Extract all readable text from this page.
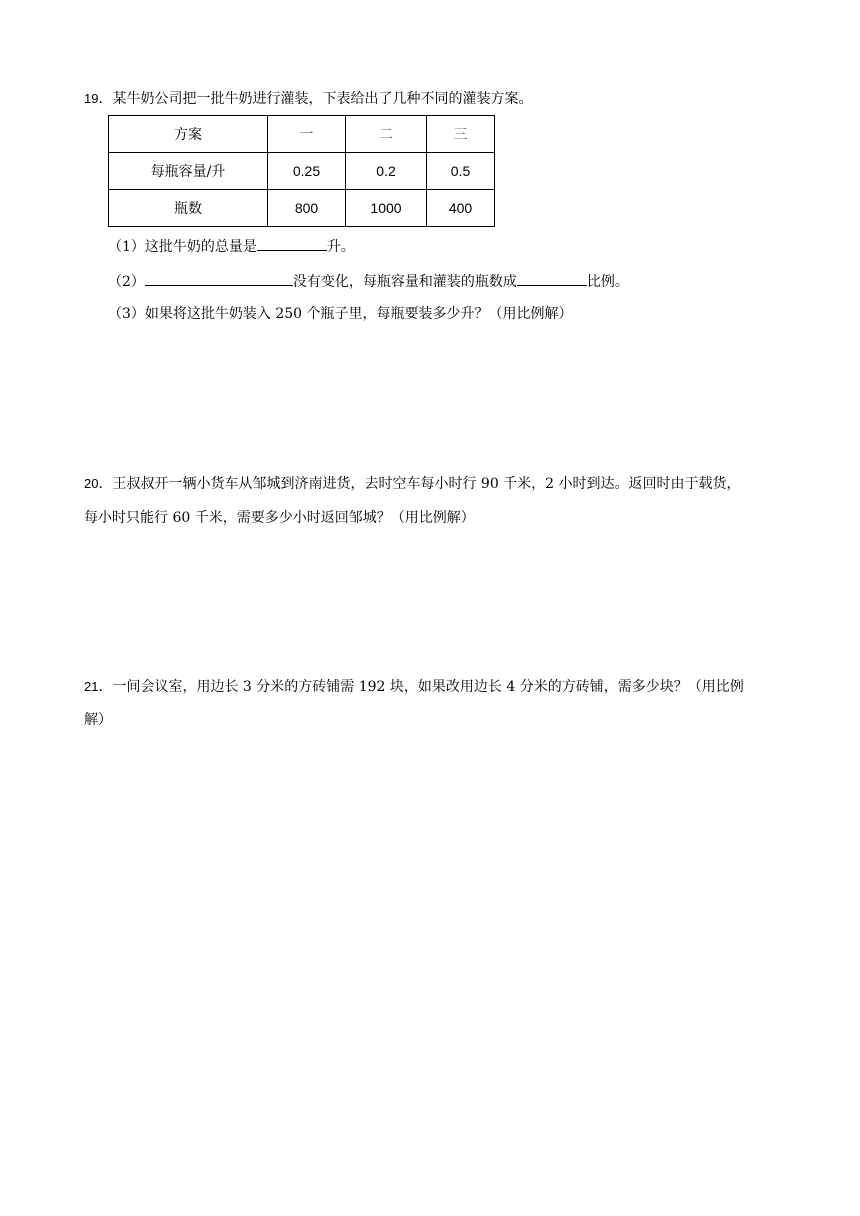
19．某牛奶公司把一批牛奶进行灌装，下表给出了几种不同的灌装方案。
方案	一	二	三
每瓶容量/升	0.25	0.2	0.5
瓶数	800	1000	400
（1）这批牛奶的总量是	升。
（2）	没有变化，每瓶容量和灌装的瓶数成	比例。
（3）如果将这批牛奶装入 250 个瓶子里，每瓶要装多少升？（用比例解）
20．王叔叔开一辆小货车从邹城到济南进货，去时空车每小时行 90 千米，2 小时到达。返回时由于载货，
每小时只能行 60 千米，需要多少小时返回邹城？（用比例解）
21．一间会议室，用边长 3 分米的方砖铺需 192 块，如果改用边长 4 分米的方砖铺，需多少块？（用比例
解）
